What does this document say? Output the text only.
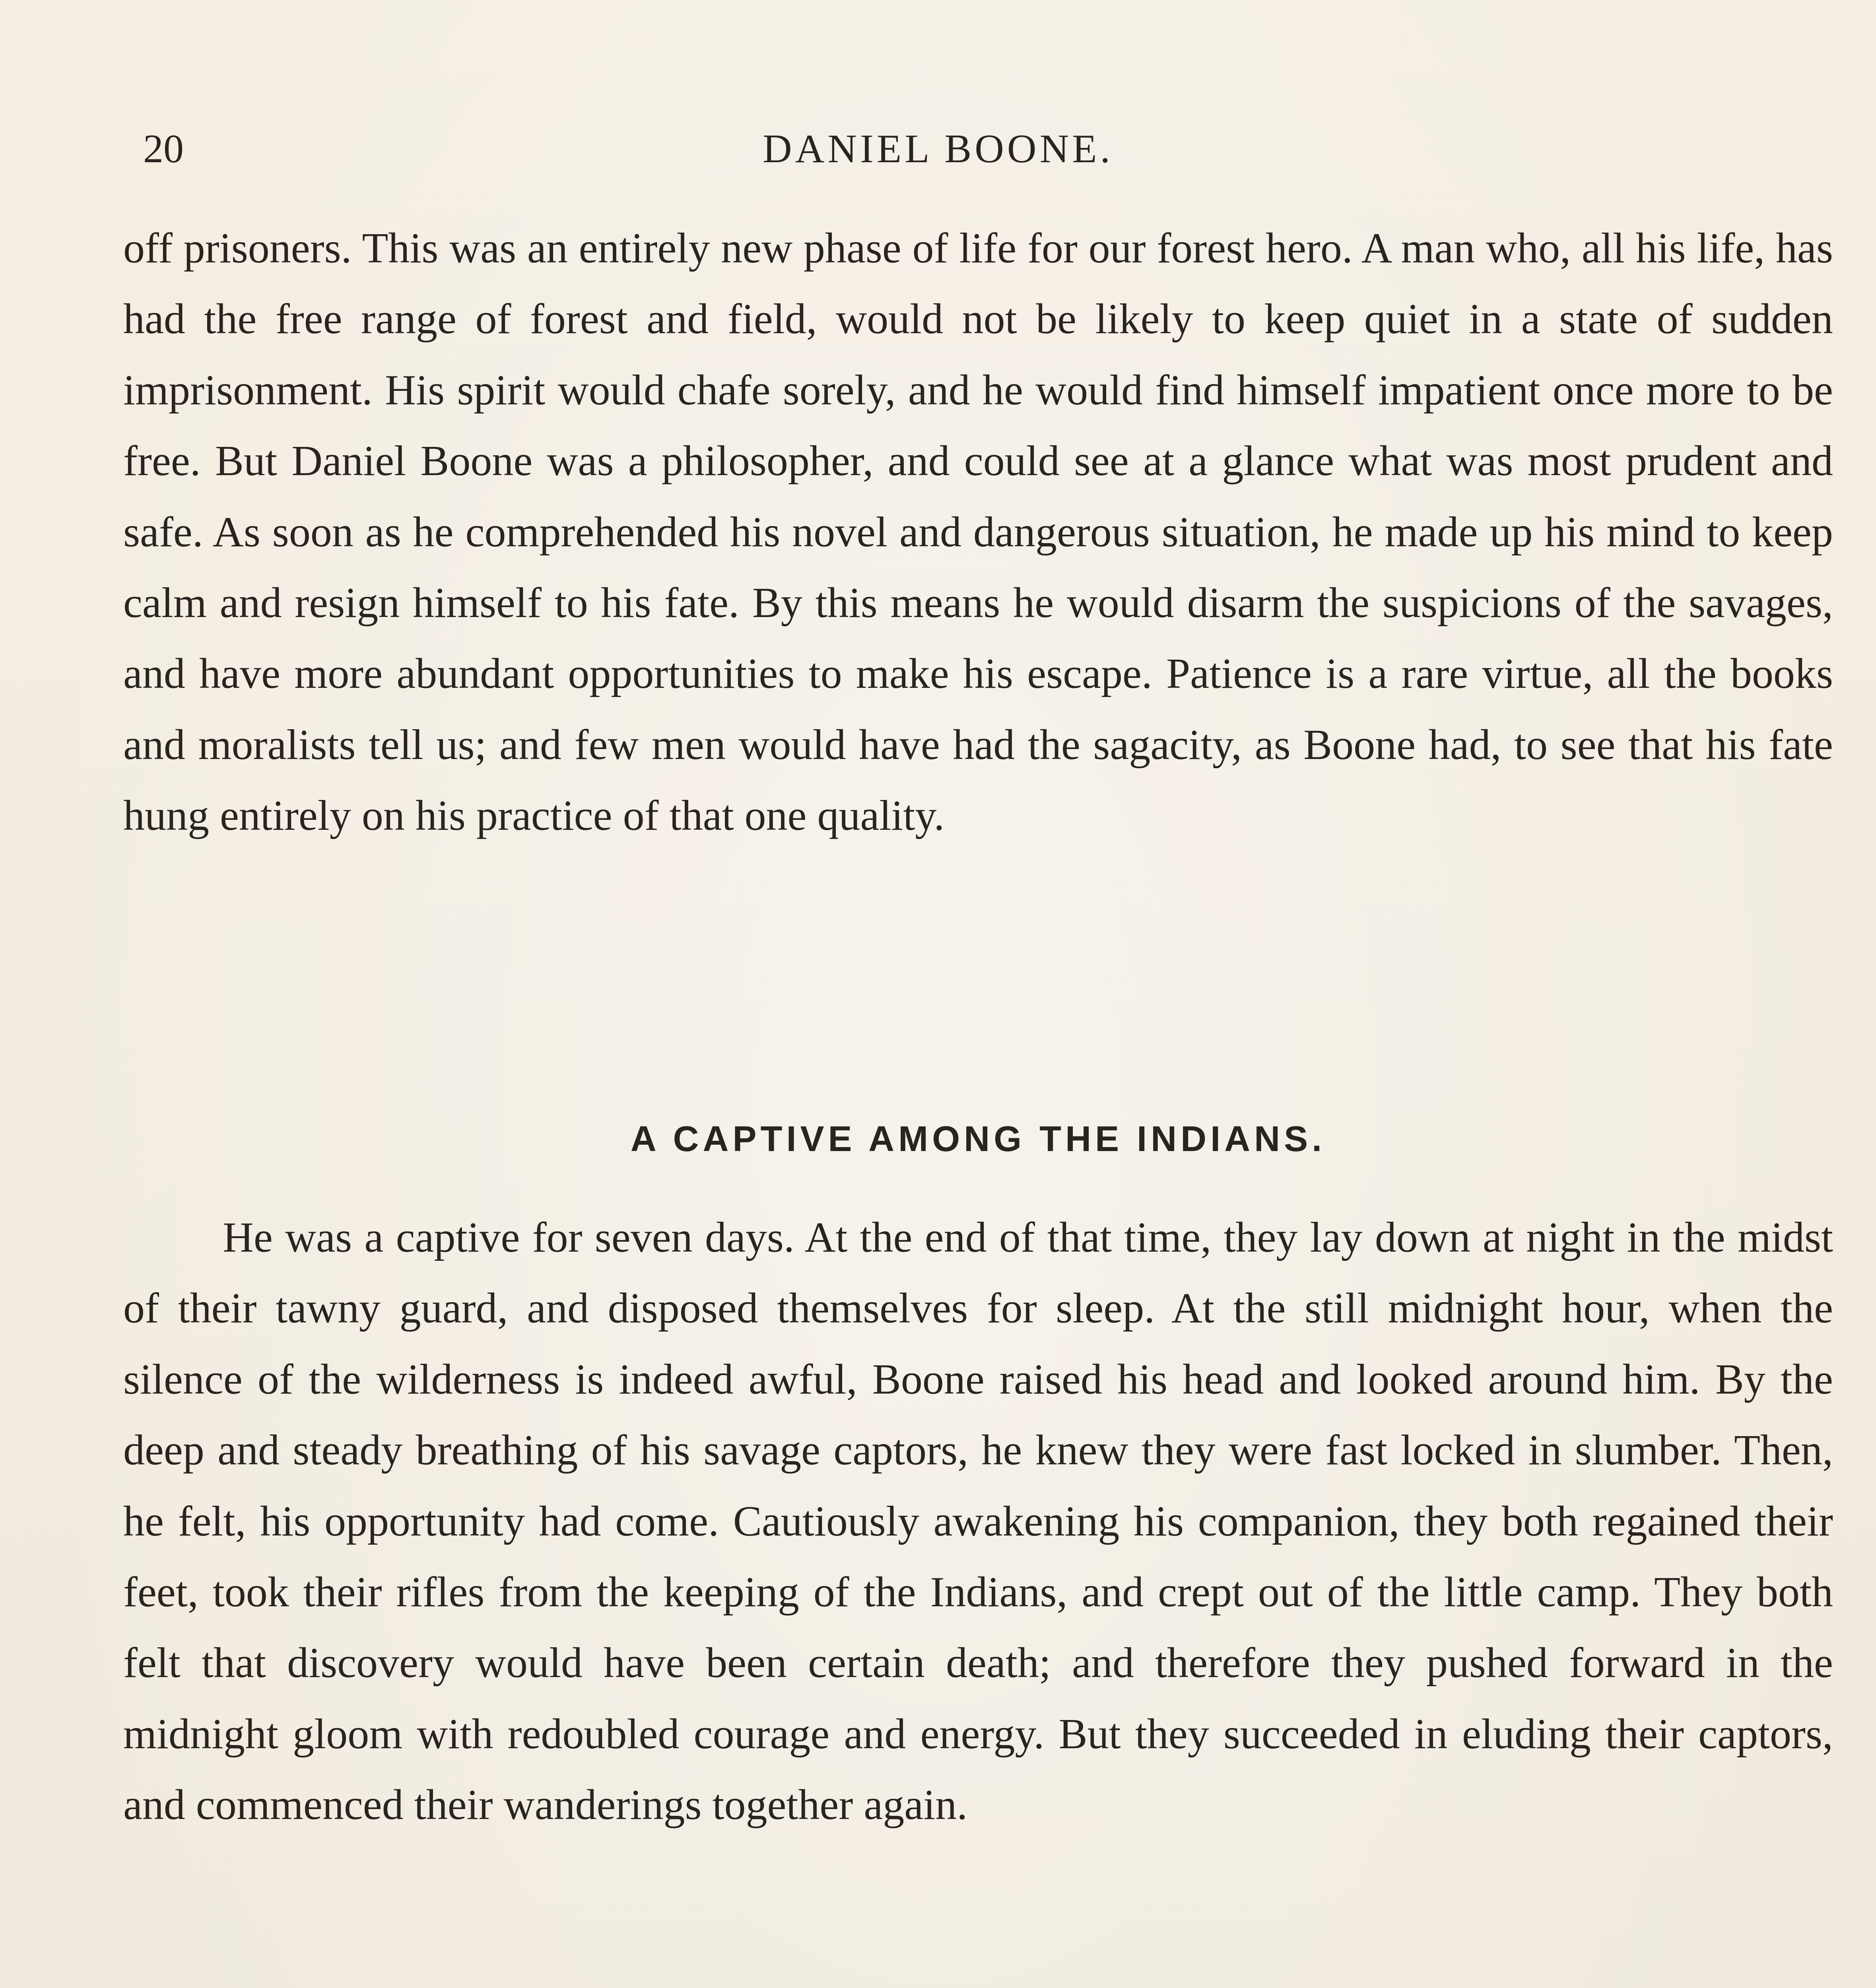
20	DANIEL BOONE.

off prisoners. This was an entirely new phase of life for our forest hero. A man who, all his life, has had the free range of forest and field, would not be likely to keep quiet in a state of sudden imprisonment. His spirit would chafe sorely, and he would find himself impatient once more to be free. But Daniel Boone was a philosopher, and could see at a glance what was most prudent and safe. As soon as he comprehended his novel and dangerous situation, he made up his mind to keep calm and resign himself to his fate. By this means he would disarm the suspicions of the savages, and have more abundant opportunities to make his escape. Patience is a rare virtue, all the books and moralists tell us; and few men would have had the sagacity, as Boone had, to see that his fate hung entirely on his practice of that one quality.

A CAPTIVE AMONG THE INDIANS.

He was a captive for seven days. At the end of that time, they lay down at night in the midst of their tawny guard, and disposed themselves for sleep. At the still midnight hour, when the silence of the wilderness is indeed awful, Boone raised his head and looked around him. By the deep and steady breathing of his savage captors, he knew they were fast locked in slumber. Then, he felt, his opportunity had come. Cautiously awakening his companion, they both regained their feet, took their rifles from the keeping of the Indians, and crept out of the little camp. They both felt that discovery would have been certain death; and therefore they pushed forward in the midnight gloom with redoubled courage and energy. But they succeeded in eluding their captors, and commenced their wanderings together again.
